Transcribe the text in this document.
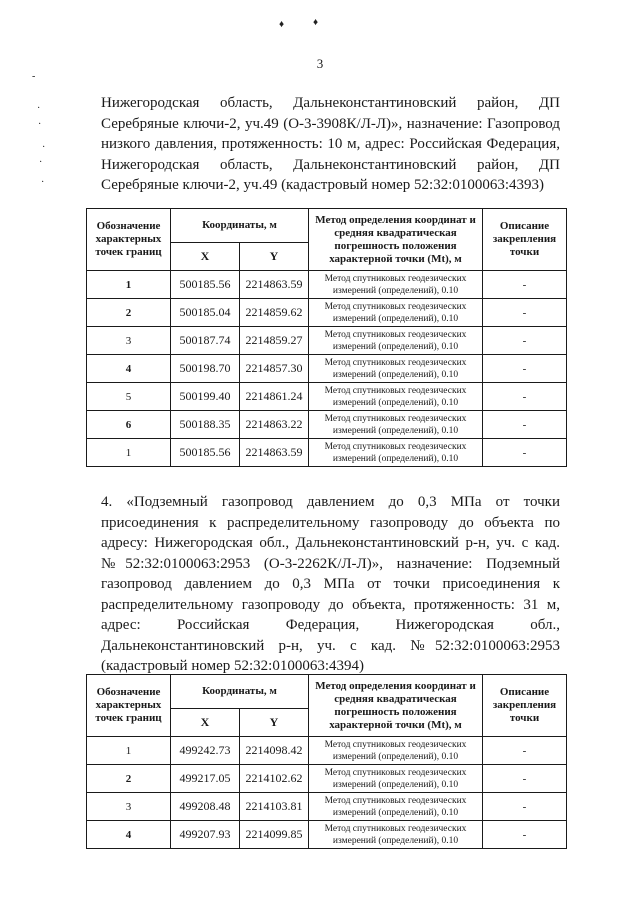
♦	♦
-
·
·
·
·
·
3

Нижегородская область, Дальнеконстантиновский район, ДП Серебряные ключи-2, уч.49 (О-3-3908К/Л-Л)», назначение: Газопровод низкого давления, протяженность: 10 м, адрес: Российская Федерация, Нижегородская область, Дальнеконстантиновский район, ДП Серебряные ключи-2, уч.49 (кадастровый номер 52:32:0100063:4393)

Обозначение характерных точек границ	Координаты, м		Метод определения координат и средняя квадратическая погрешность положения характерной точки (Mt), м	Описание закрепления точки
	X	Y		
1	500185.56	2214863.59	Метод спутниковых геодезических измерений (определений), 0.10	-
2	500185.04	2214859.62	Метод спутниковых геодезических измерений (определений), 0.10	-
3	500187.74	2214859.27	Метод спутниковых геодезических измерений (определений), 0.10	-
4	500198.70	2214857.30	Метод спутниковых геодезических измерений (определений), 0.10	-
5	500199.40	2214861.24	Метод спутниковых геодезических измерений (определений), 0.10	-
6	500188.35	2214863.22	Метод спутниковых геодезических измерений (определений), 0.10	-
1	500185.56	2214863.59	Метод спутниковых геодезических измерений (определений), 0.10	-

4. «Подземный газопровод давлением до 0,3 МПа от точки присоединения к распределительному газопроводу до объекта по адресу: Нижегородская обл., Дальнеконстантиновский р-н, уч. с кад. №52:32:0100063:2953 (О-3-2262К/Л-Л)», назначение: Подземный газопровод давлением до 0,3 МПа от точки присоединения к распределительному газопроводу до объекта, протяженность: 31 м, адрес: Российская Федерация, Нижегородская обл., Дальнеконстантиновский р-н, уч. с кад. №52:32:0100063:2953 (кадастровый номер 52:32:0100063:4394)

Обозначение характерных точек границ	Координаты, м		Метод определения координат и средняя квадратическая погрешность положения характерной точки (Mt), м	Описание закрепления точки
	X	Y		
1	499242.73	2214098.42	Метод спутниковых геодезических измерений (определений), 0.10	-
2	499217.05	2214102.62	Метод спутниковых геодезических измерений (определений), 0.10	-
3	499208.48	2214103.81	Метод спутниковых геодезических измерений (определений), 0.10	-
4	499207.93	2214099.85	Метод спутниковых геодезических измерений (определений), 0.10	-
